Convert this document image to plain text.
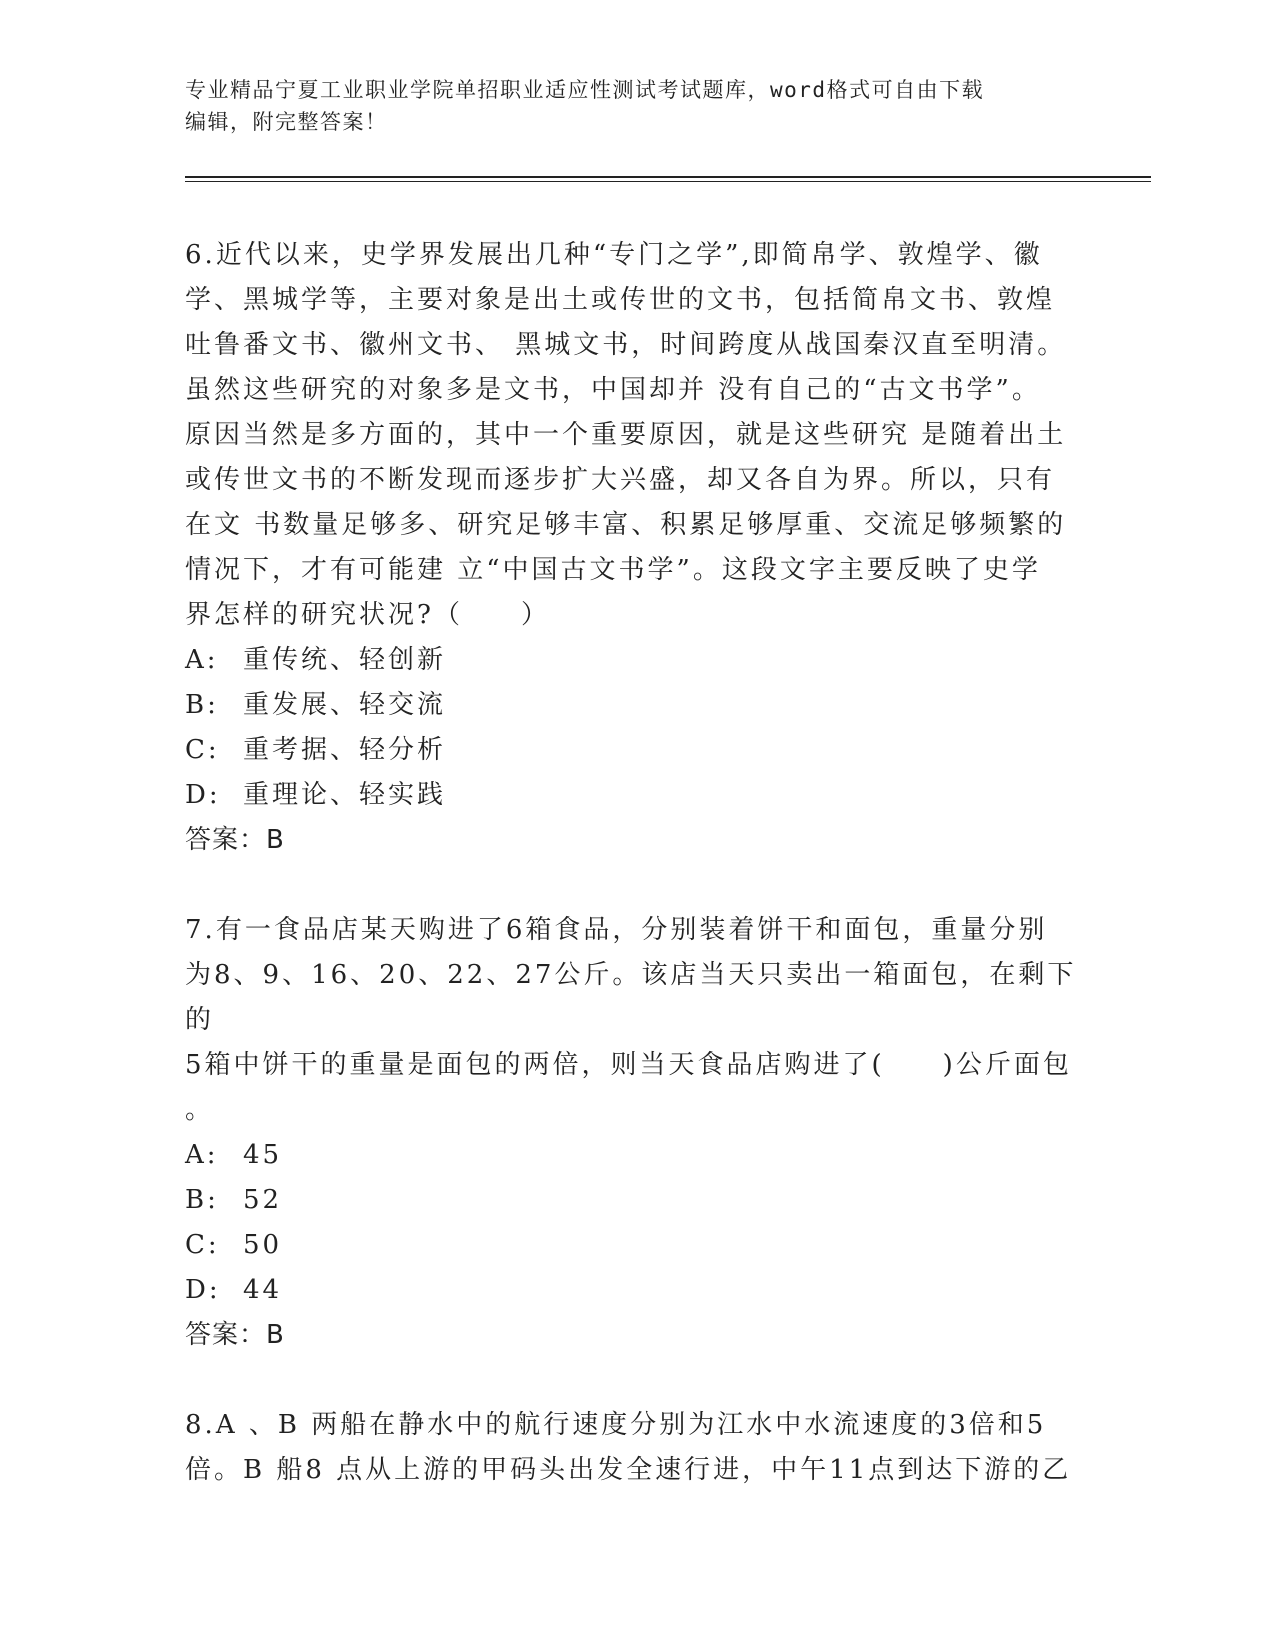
专业精品宁夏工业职业学院单招职业适应性测试考试题库，word格式可自由下载
编辑，附完整答案！
6.近代以来，史学界发展出几种“专门之学”,即简帛学、敦煌学、徽
学、黑城学等，主要对象是出土或传世的文书，包括简帛文书、敦煌
吐鲁番文书、徽州文书、 黑城文书，时间跨度从战国秦汉直至明清。
虽然这些研究的对象多是文书，中国却并 没有自己的“古文书学”。
原因当然是多方面的，其中一个重要原因，就是这些研究 是随着出土
或传世文书的不断发现而逐步扩大兴盛，却又各自为界。所以，只有
在文 书数量足够多、研究足够丰富、积累足够厚重、交流足够频繁的
情况下，才有可能建 立“中国古文书学”。这段文字主要反映了史学
界怎样的研究状况?（　　）
A: 重传统、轻创新
B: 重发展、轻交流
C: 重考据、轻分析
D: 重理论、轻实践
答案：B
7.有一食品店某天购进了6箱食品，分别装着饼干和面包，重量分别
为8、9、16、20、22、27公斤。该店当天只卖出一箱面包，在剩下的
5箱中饼干的重量是面包的两倍，则当天食品店购进了(　　)公斤面包
。
A: 45
B: 52
C: 50
D: 44
答案：B
8.A 、B 两船在静水中的航行速度分别为江水中水流速度的3倍和5
倍。B 船8 点从上游的甲码头出发全速行进，中午11点到达下游的乙
